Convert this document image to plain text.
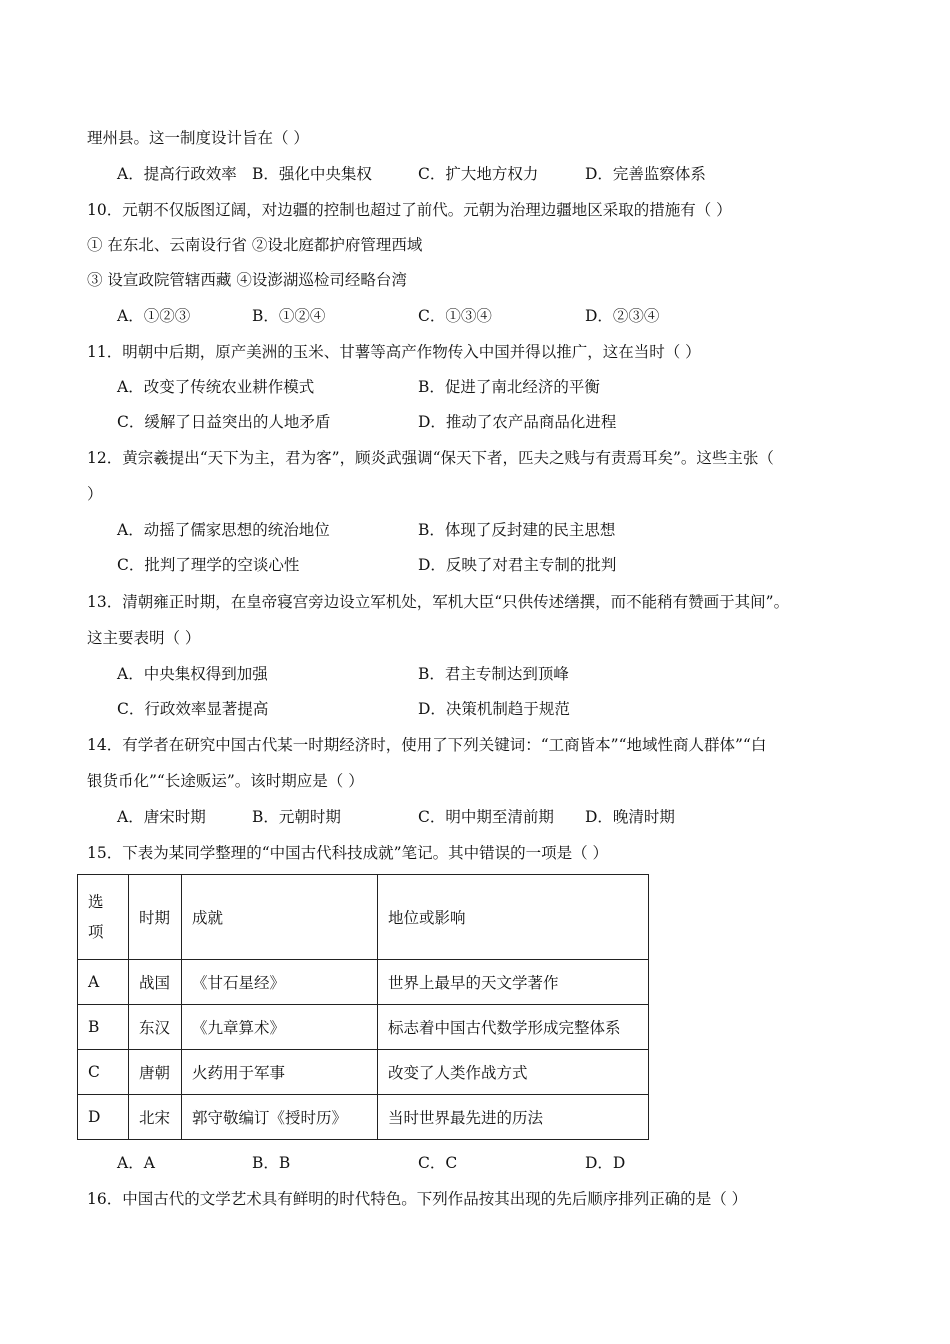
理州县。这一制度设计旨在（ ）
A．提高行政效率 B．强化中央集权	C．扩大地方权力	D．完善监察体系
10．元朝不仅版图辽阔，对边疆的控制也超过了前代。元朝为治理边疆地区采取的措施有（ ）
① 在东北、云南设行省 ②设北庭都护府管理西域
③ 设宣政院管辖西藏 ④设澎湖巡检司经略台湾
A．①②③	B．①②④	C．①③④	D．②③④
11．明朝中后期，原产美洲的玉米、甘薯等高产作物传入中国并得以推广，这在当时（ ）
A．改变了传统农业耕作模式	B．促进了南北经济的平衡
C．缓解了日益突出的人地矛盾	D．推动了农产品商品化进程
12．黄宗羲提出“天下为主，君为客”，顾炎武强调“保天下者，匹夫之贱与有责焉耳矣”。这些主张（
）
A．动摇了儒家思想的统治地位	B．体现了反封建的民主思想
C．批判了理学的空谈心性	D．反映了对君主专制的批判
13．清朝雍正时期，在皇帝寝宫旁边设立军机处，军机大臣“只供传述缮撰，而不能稍有赞画于其间”。
这主要表明（ ）
A．中央集权得到加强	B．君主专制达到顶峰
C．行政效率显著提高	D．决策机制趋于规范
14．有学者在研究中国古代某一时期经济时，使用了下列关键词：“工商皆本”“地域性商人群体”“白
银货币化”“长途贩运”。该时期应是（ ）
A．唐宋时期	B．元朝时期	C．明中期至清前期 D．晚清时期
15．下表为某同学整理的“中国古代科技成就”笔记。其中错误的一项是（ ）
选
项	时期	成就	地位或影响
A	战国	《甘石星经》	世界上最早的天文学著作
B	东汉	《九章算术》	标志着中国古代数学形成完整体系
C	唐朝	火药用于军事	改变了人类作战方式
D	北宋	郭守敬编订《授时历》	当时世界最先进的历法
A．A	B．B	C．C	D．D
16．中国古代的文学艺术具有鲜明的时代特色。下列作品按其出现的先后顺序排列正确的是（ ）
